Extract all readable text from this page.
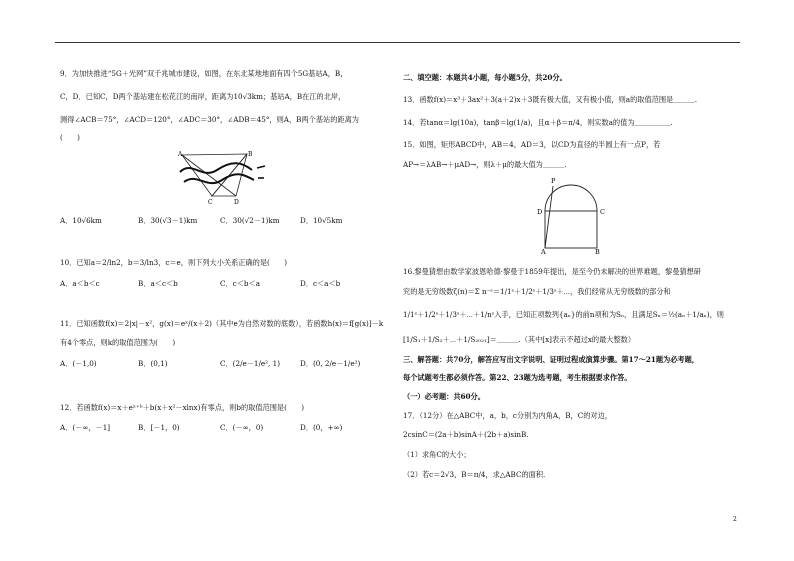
9．为加快推进“5G＋光网”双千兆城市建设，如图，在东北某地地面有四个5G基站A，B，
C，D．已知C，D两个基站建在松花江的南岸，距离为10√3km；基站A，B在江的北岸，
测得∠ACB＝75°，∠ACD＝120°，∠ADC＝30°，∠ADB＝45°，则A，B两个基站的距离为
(　　)
A	B
C	D
A．10√6km	B．30(√3－1)km	C．30(√2－1)km	D．10√5km
10．已知a＝2/ln2，b＝3/ln3，c＝e，则下列大小关系正确的是(　　)
A．a＜b＜c	B．a＜c＜b	C．c＜b＜a	D．c＜a＜b
11．已知函数f(x)＝2|x|－x²，g(x)＝eˣ/(x＋2)（其中e为自然对数的底数），若函数h(x)＝f[g(x)]－k
有4个零点，则k的取值范围为(　　)
A．(－1,0)	B．(0,1)	C．(2/e－1/e², 1)	D．(0, 2/e－1/e²)
12．若函数f(x)＝x＋eˣ⁺ᵇ＋b(x＋x²－xlnx)有零点，则b的取值范围是(　　)
A．(－∞，－1]	B．[－1，0)	C．(－∞，0)	D．(0，+∞)
二、填空题：本题共4小题，每小题5分，共20分。
13．函数f(x)＝x³＋3ax²＋3(a＋2)x＋3既有极大值，又有极小值，则a的取值范围是＿＿＿.
14．若tanα＝lg(10a)，tanβ＝lg(1/a)，且α＋β＝π/4，则实数a的值为＿＿＿＿＿.
15．如图，矩形ABCD中，AB＝4，AD＝3，以CD为直径的半圆上有一点P，若
AP→＝λAB→＋μAD→，则λ＋μ的最大值为＿＿＿.
P
D	C
A	B
16.黎曼猜想由数学家波恩哈德·黎曼于1859年提出，是至今仍未解决的世界难题，黎曼猜想研
究的是无穷级数ζ(n)＝Σ n⁻ˢ＝1/1ˢ＋1/2ˢ＋1/3ˢ＋⋯，我们经常从无穷级数的部分和
1/1ˢ＋1/2ˢ＋1/3ˢ＋⋯＋1/nˢ入手，已知正项数列{aₙ}的前n项和为Sₙ，且满足Sₙ＝½(aₙ＋1/aₙ)，则
[1/S₁＋1/S₂＋⋯＋1/S₂₀₂₁]＝＿＿＿.（其中[x]表示不超过x的最大整数）
三、解答题：共70分，解答应写出文字说明、证明过程或演算步骤。第17～21题为必考题，
每个试题考生都必须作答。第22、23题为选考题，考生根据要求作答。
（一）必考题：共60分。
17．（12分）在△ABC中，a，b，c分别为内角A，B，C的对边，
2csinC＝(2a＋b)sinA＋(2b＋a)sinB.
（1）求角C的大小；
（2）若c＝2√3，B＝π/4，求△ABC的面积.
2
